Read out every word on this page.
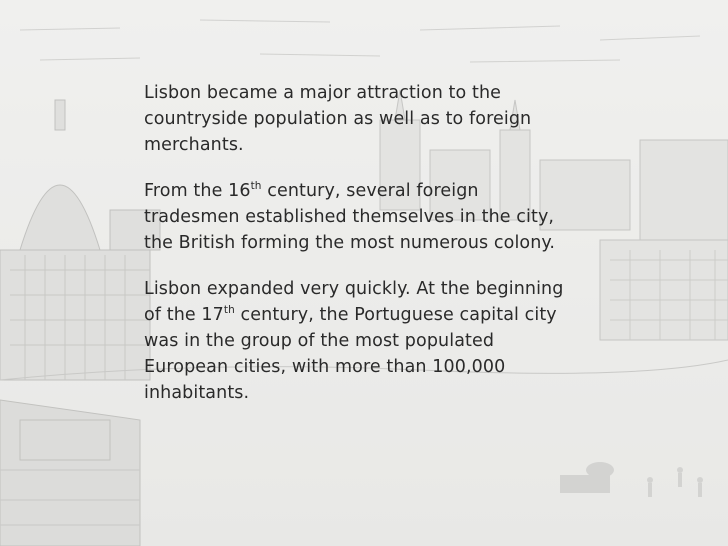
Lisbon became a major attraction to the
countryside population as well as to foreign
merchants.

From the 16th century, several foreign
tradesmen established themselves in the city,
the British forming the most numerous colony.

Lisbon expanded very quickly. At the beginning
of the 17th century, the Portuguese capital city
was in the group of the most populated
European cities, with more than 100,000
inhabitants.
